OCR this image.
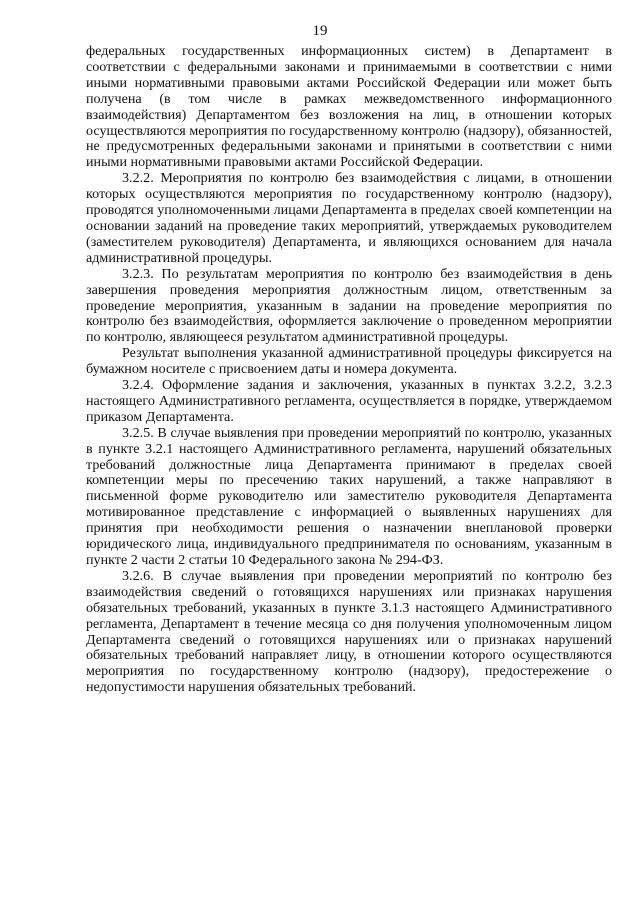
19

федеральных государственных информационных систем) в Департамент в соответствии с федеральными законами и принимаемыми в соответствии с ними иными нормативными правовыми актами Российской Федерации или может быть получена (в том числе в рамках межведомственного информационного взаимодействия) Департаментом без возложения на лиц, в отношении которых осуществляются мероприятия по государственному контролю (надзору), обязанностей, не предусмотренных федеральными законами и принятыми в соответствии с ними иными нормативными правовыми актами Российской Федерации.

3.2.2. Мероприятия по контролю без взаимодействия с лицами, в отношении которых осуществляются мероприятия по государственному контролю (надзору), проводятся уполномоченными лицами Департамента в пределах своей компетенции на основании заданий на проведение таких мероприятий, утверждаемых руководителем (заместителем руководителя) Департамента, и являющихся основанием для начала административной процедуры.

3.2.3. По результатам мероприятия по контролю без взаимодействия в день завершения проведения мероприятия должностным лицом, ответственным за проведение мероприятия, указанным в задании на проведение мероприятия по контролю без взаимодействия, оформляется заключение о проведенном мероприятии по контролю, являющееся результатом административной процедуры.

Результат выполнения указанной административной процедуры фиксируется на бумажном носителе с присвоением даты и номера документа.

3.2.4. Оформление задания и заключения, указанных в пунктах 3.2.2, 3.2.3 настоящего Административного регламента, осуществляется в порядке, утверждаемом приказом Департамента.

3.2.5. В случае выявления при проведении мероприятий по контролю, указанных в пункте 3.2.1 настоящего Административного регламента, нарушений обязательных требований должностные лица Департамента принимают в пределах своей компетенции меры по пресечению таких нарушений, а также направляют в письменной форме руководителю или заместителю руководителя Департамента мотивированное представление с информацией о выявленных нарушениях для принятия при необходимости решения о назначении внеплановой проверки юридического лица, индивидуального предпринимателя по основаниям, указанным в пункте 2 части 2 статьи 10 Федерального закона № 294-ФЗ.

3.2.6. В случае выявления при проведении мероприятий по контролю без взаимодействия сведений о готовящихся нарушениях или признаках нарушения обязательных требований, указанных в пункте 3.1.3 настоящего Административного регламента, Департамент в течение месяца со дня получения уполномоченным лицом Департамента сведений о готовящихся нарушениях или о признаках нарушений обязательных требований направляет лицу, в отношении которого осуществляются мероприятия по государственному контролю (надзору), предостережение о недопустимости нарушения обязательных требований.
